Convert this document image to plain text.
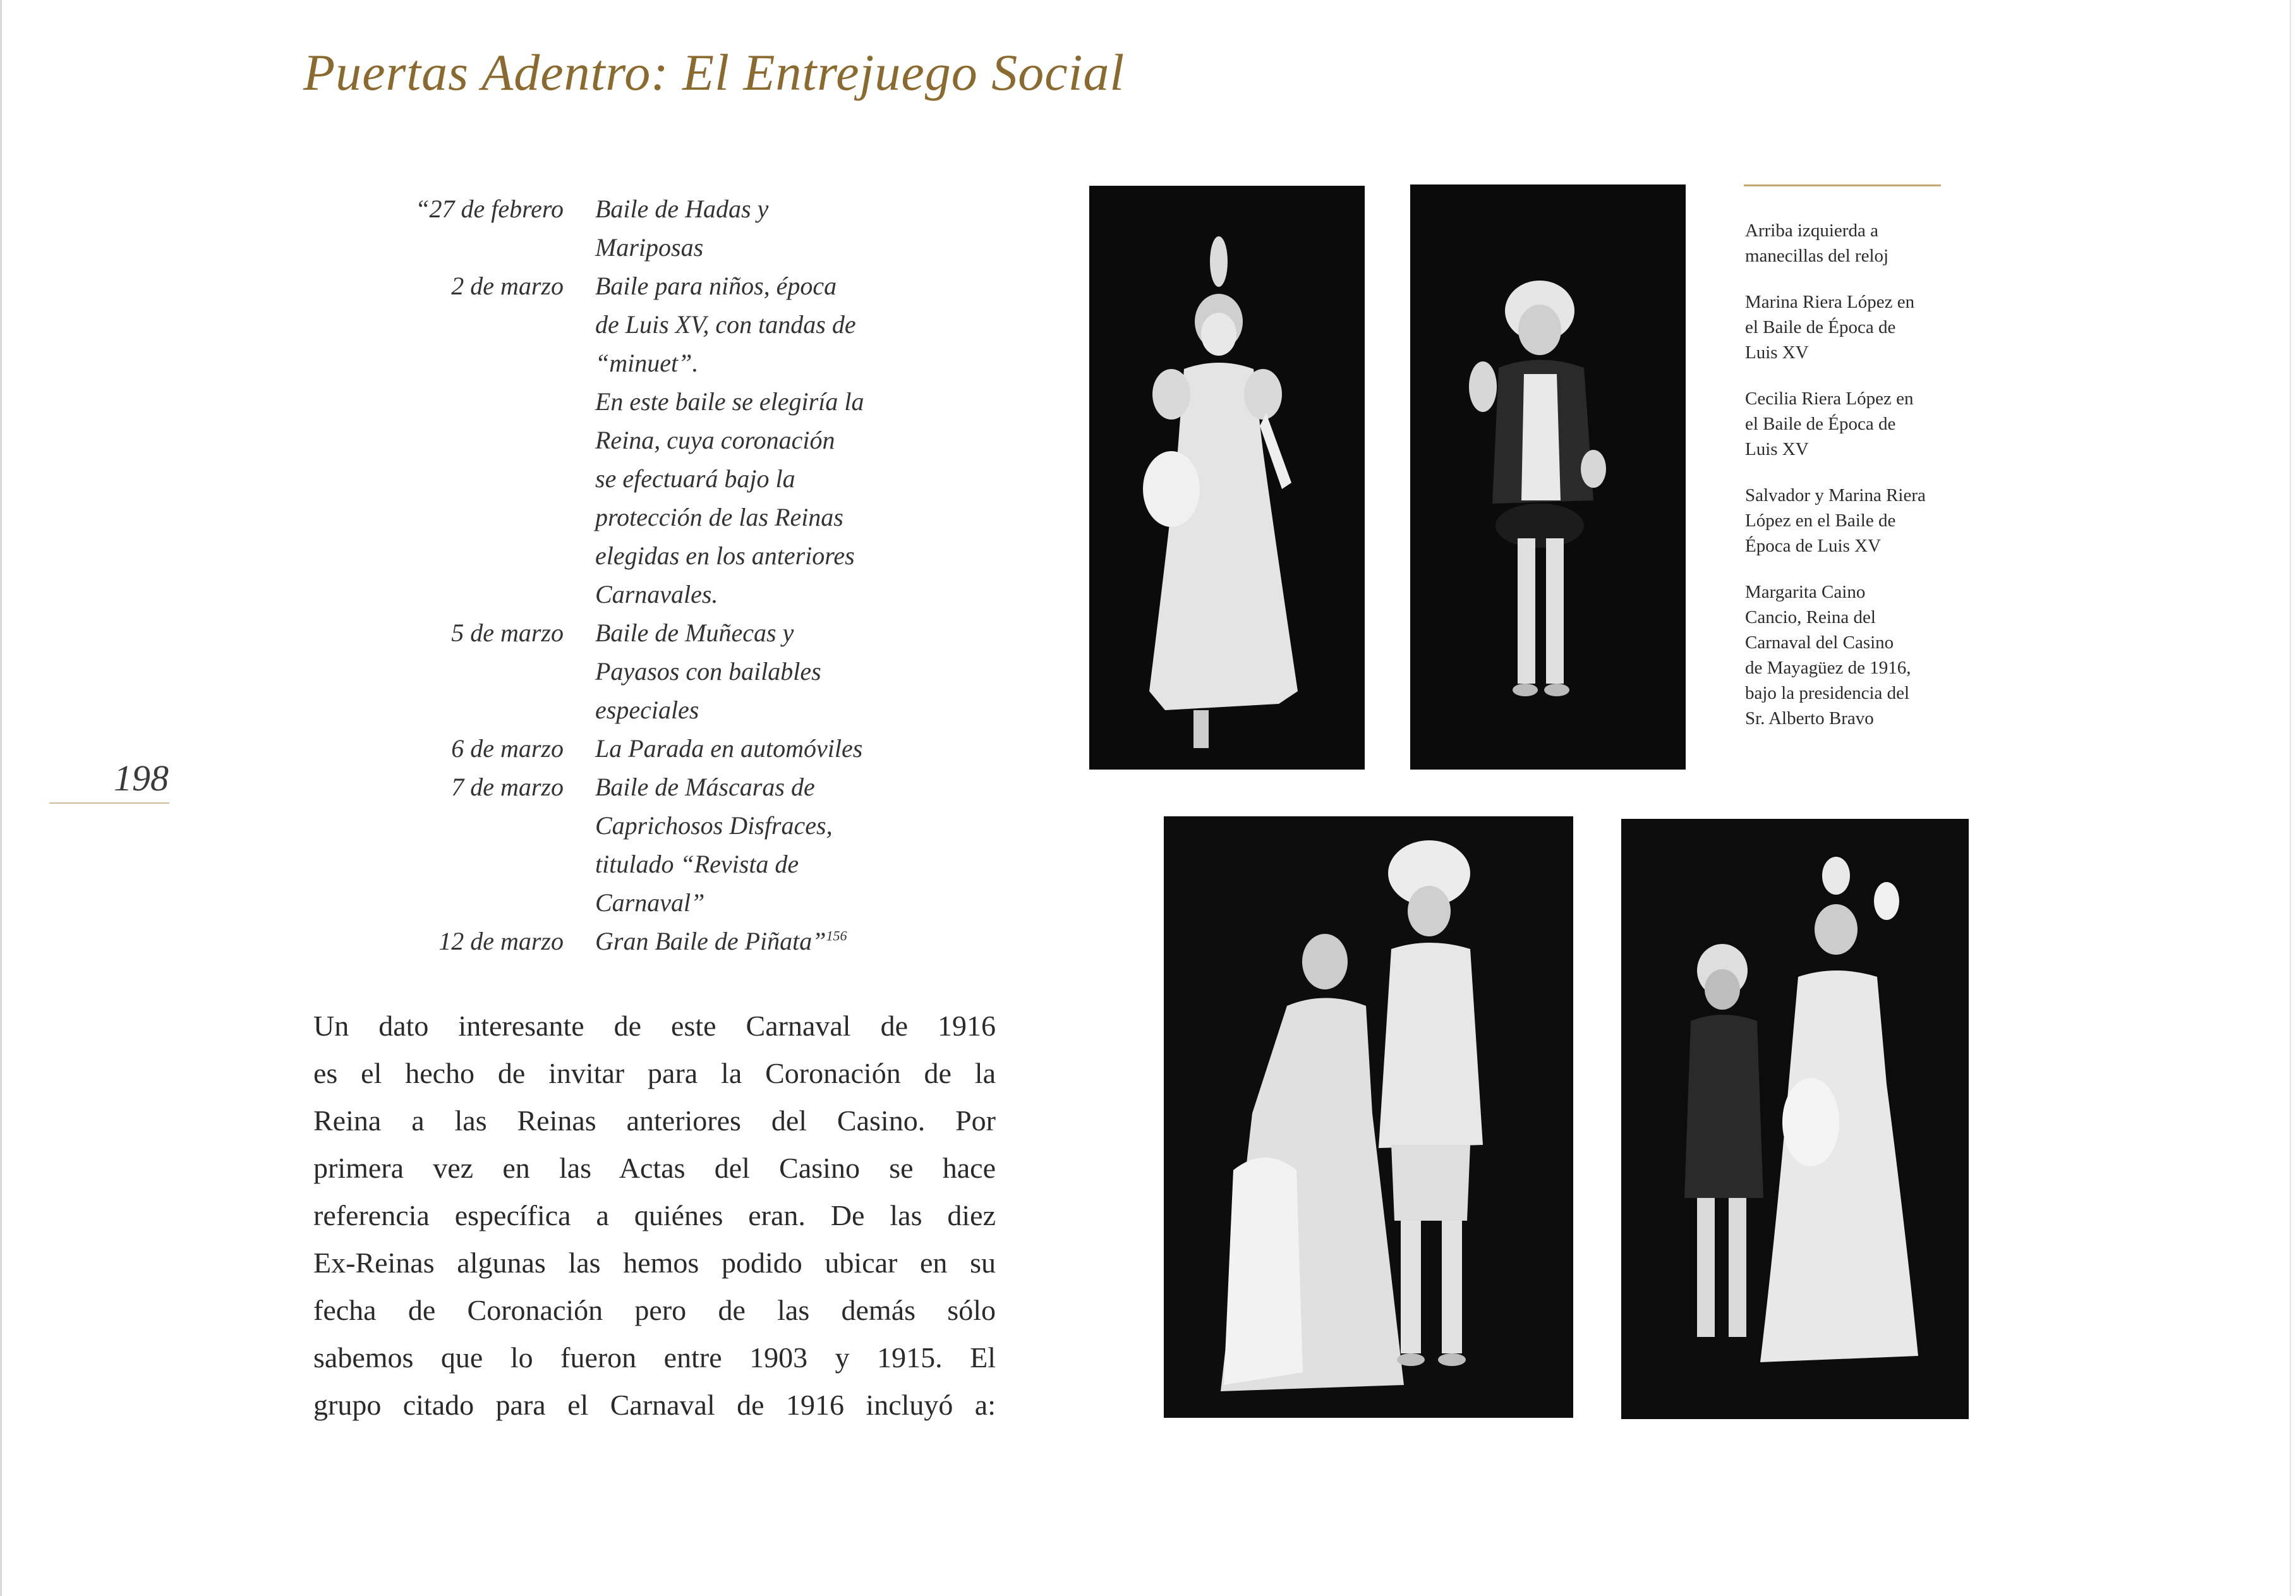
Puertas Adentro: El Entrejuego Social
198
“27 de febrero	Baile de Hadas y
Mariposas
2 de marzo	Baile para niños, época
de Luis XV, con tandas de
“minuet”.
En este baile se elegiría la
Reina, cuya coronación
se efectuará bajo la
protección de las Reinas
elegidas en los anteriores
Carnavales.
5 de marzo	Baile de Muñecas y
Payasos con bailables
especiales
6 de marzo	La Parada en automóviles
7 de marzo	Baile de Máscaras de
Caprichosos Disfraces,
titulado “Revista de
Carnaval”
12 de marzo	Gran Baile de Piñata”$^{156}$
Un dato interesante de este Carnaval de 1916
es el hecho de invitar para la Coronación de la
Reina a las Reinas anteriores del Casino. Por
primera vez en las Actas del Casino se hace
referencia específica a quiénes eran. De las diez
Ex-Reinas algunas las hemos podido ubicar en su
fecha de Coronación pero de las demás sólo
sabemos que lo fueron entre 1903 y 1915. El
grupo citado para el Carnaval de 1916 incluyó a:
Arriba izquierda a
manecillas del reloj
Marina Riera López en
el Baile de Época de
Luis XV
Cecilia Riera López en
el Baile de Época de
Luis XV
Salvador y Marina Riera
López en el Baile de
Época de Luis XV
Margarita Caino
Cancio, Reina del
Carnaval del Casino
de Mayagüez de 1916,
bajo la presidencia del
Sr. Alberto Bravo
